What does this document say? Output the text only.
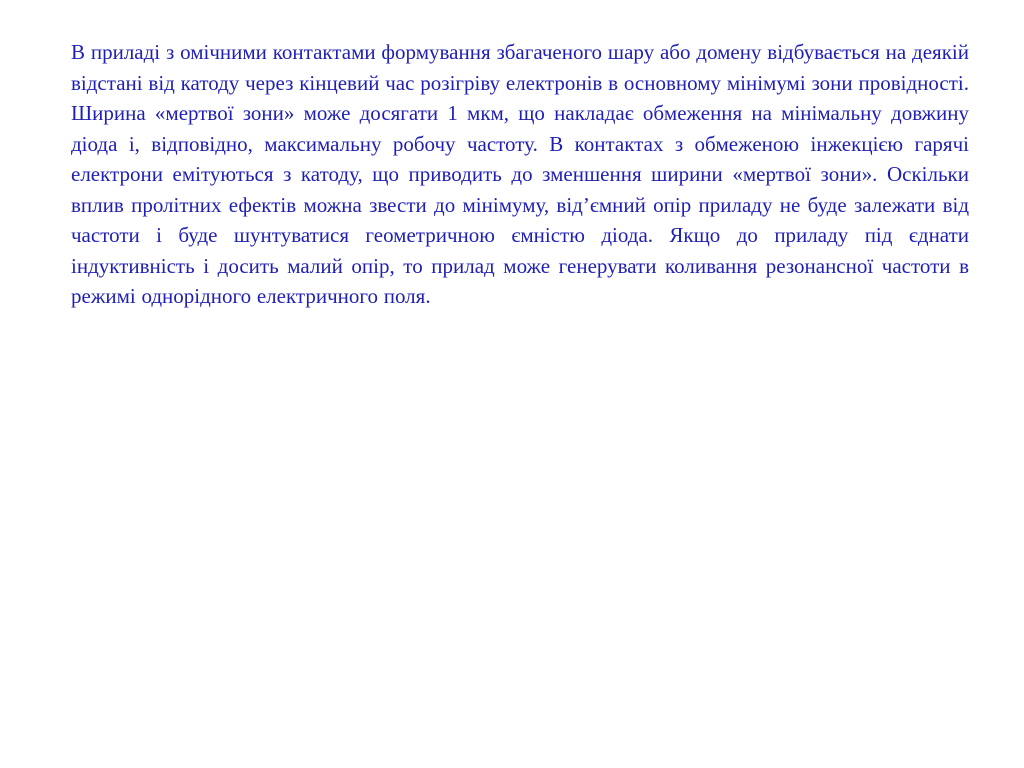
В приладі з омічними контактами формування збагаченого шару або домену відбувається на деякій відстані від катоду через кінцевий час розігріву електронів в основному мінімумі зони провідності. Ширина «мертвої зони» може досягати 1 мкм, що накладає обмеження на мінімальну довжину діода і, відповідно, максимальну робочу частоту. В контактах з обмеженою інжекцією гарячі електрони емітуються з катоду, що приводить до зменшення ширини «мертвої зони». Оскільки вплив пролітних ефектів можна звести до мінімуму, від’ємний опір приладу не буде залежати від частоти і буде шунтуватися геометричною ємністю діода. Якщо до приладу під єднати індуктивність і досить малий опір, то прилад може генерувати коливання резонансної частоти в режимі однорідного електричного поля.
